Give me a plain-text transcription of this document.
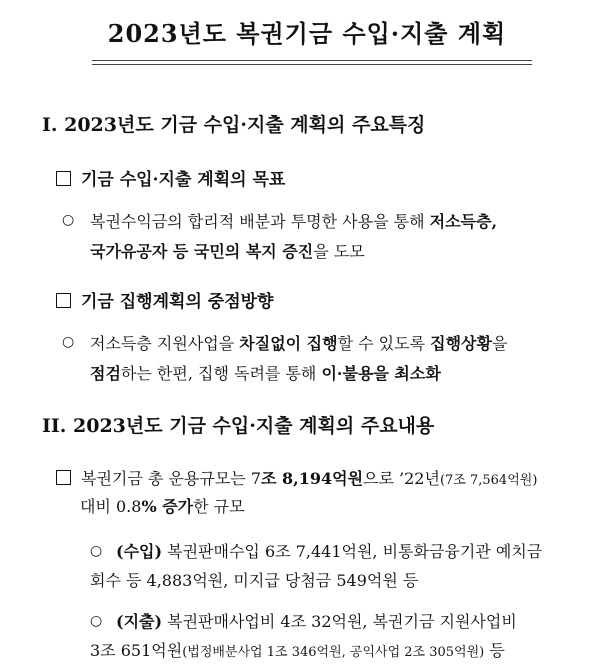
2023년도 복권기금 수입·지출 계획
I. 2023년도 기금 수입·지출 계획의 주요특징
기금 수입·지출 계획의 목표
○ 복권수익금의 합리적 배분과 투명한 사용을 통해 저소득층,
국가유공자 등 국민의 복지 증진을 도모
기금 집행계획의 중점방향
○ 저소득층 지원사업을 차질없이 집행할 수 있도록 집행상황을
점검하는 한편, 집행 독려를 통해 이·불용을 최소화
II. 2023년도 기금 수입·지출 계획의 주요내용
복권기금 총 운용규모는 7조 8,194억원으로 ’22년(7조 7,564억원)
대비 0.8% 증가한 규모
○ (수입) 복권판매수입 6조 7,441억원, 비통화금융기관 예치금
회수 등 4,883억원, 미지급 당첨금 549억원 등
○ (지출) 복권판매사업비 4조 32억원, 복권기금 지원사업비
3조 651억원(법정배분사업 1조 346억원, 공익사업 2조 305억원) 등
